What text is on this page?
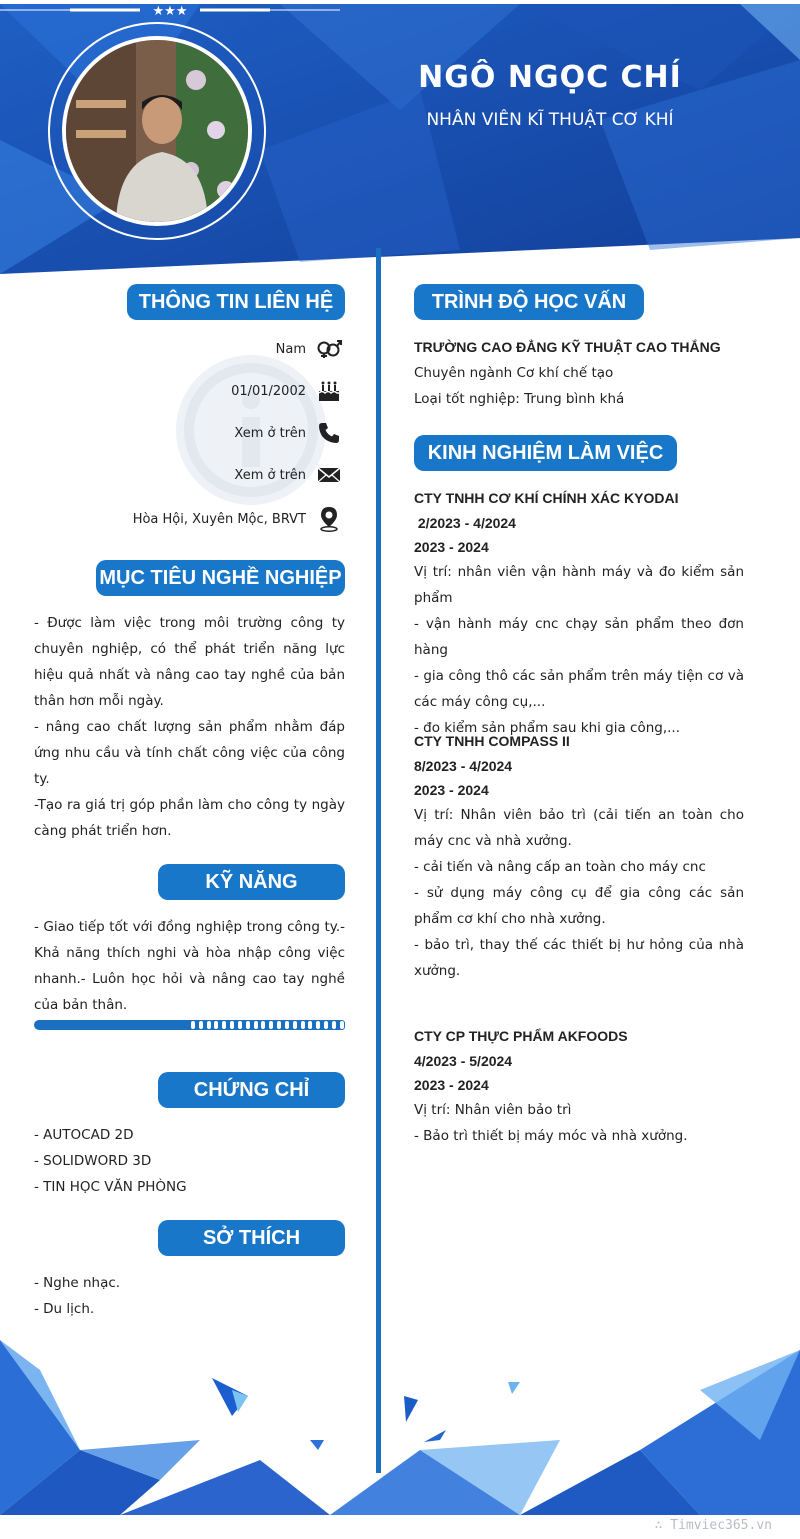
NGÔ NGỌC CHÍ
NHÂN VIÊN KĨ THUẬT CƠ KHÍ
★★★
THÔNG TIN LIÊN HỆ
Nam
01/01/2002
Xem ở trên
Xem ở trên
Hòa Hội, Xuyên Mộc, BRVT
MỤC TIÊU NGHỀ NGHIỆP
- Được làm việc trong môi trường công ty chuyên nghiệp, có thể phát triển năng lực hiệu quả nhất và nâng cao tay nghề của bản thân hơn mỗi ngày.
- nâng cao chất lượng sản phẩm nhằm đáp ứng nhu cầu và tính chất công việc của công ty.
-Tạo ra giá trị góp phần làm cho công ty ngày càng phát triển hơn.
KỸ NĂNG
- Giao tiếp tốt với đồng nghiệp trong công ty.- Khả năng thích nghi và hòa nhập công việc nhanh.- Luôn học hỏi và nâng cao tay nghề của bản thân.
CHỨNG CHỈ
- AUTOCAD 2D
- SOLIDWORD 3D
- TIN HỌC VĂN PHÒNG
SỞ THÍCH
- Nghe nhạc.
- Du lịch.
TRÌNH ĐỘ HỌC VẤN
TRƯỜNG CAO ĐẲNG KỸ THUẬT CAO THẮNG
Chuyên ngành Cơ khí chế tạo
Loại tốt nghiệp: Trung bình khá
KINH NGHIỆM LÀM VIỆC
CTY TNHH CƠ KHÍ CHÍNH XÁC KYODAI
2/2023 - 4/2024
2023 - 2024
Vị trí: nhân viên vận hành máy và đo kiểm sản phẩm
- vận hành máy cnc chạy sản phẩm theo đơn hàng
- gia công thô các sản phẩm trên máy tiện cơ và các máy công cụ,...
- đo kiểm sản phẩm sau khi gia công,...
CTY TNHH COMPASS II
8/2023 - 4/2024
2023 - 2024
Vị trí: Nhân viên bảo trì (cải tiến an toàn cho máy cnc và nhà xưởng.
- cải tiến và nâng cấp an toàn cho máy cnc
- sử dụng máy công cụ để gia công các sản phẩm cơ khí cho nhà xưởng.
- bảo trì, thay thế các thiết bị hư hỏng của nhà xưởng.
CTY CP THỰC PHẨM AKFOODS
4/2023 - 5/2024
2023 - 2024
Vị trí: Nhân viên bảo trì
- Bảo trì thiết bị máy móc và nhà xưởng.
∴ Timviec365.vn
